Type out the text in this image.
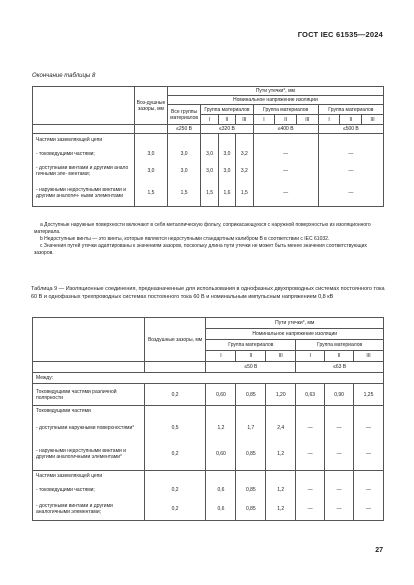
ГОСТ IEC 61535—2024
Окончание таблицы 8
	Воз-душные зазоры, мм	Пути утечки°, мм									
		Номинальное напряжение изоляции									
		Все группы материалов	Группа материалов			Группа материалов			Группа материалов		
			I	II	III	I	II	III	I	II	III
		≤250 В	≤320 В			≤400 В			≤500 В		
Частями заземляющей цепи											
- токоведущими частями;	3,0	3,0	3,0	3,0	3,2	—			—		
- доступными винтами и другими анало гичными эле- ментами;	3,0	3,0	3,0	3,0	3,2	—			—		
- наружными недоступными винтами и другими аналогич- ными элементами	1,5	1,5	1,5	1,6	1,5	—			—		
а Доступные наружные поверхности включают в себя металлическую фольгу, соприкасающуюся с наружной поверхностью из изоляционного материала.
b Недоступные винты — это винты, которые являются недоступными стандартным калибром В в соответствии с IEC 61032.
с Значения путей утечки адаптированы к значениям зазоров, поскольку длина пути утечки не может быть менее значения соответствующих зазоров.
Таблица 9 — Изоляционные соединения, предназначенные для использования в однофазных двухпроводных системах постоянного тока 60 В и однофазных трехпроводных системах постоянного тока 60 В и номинальным импульсным напряжением 0,8 кВ
	Воздушные зазоры, мм	Пути утечки°, мм					
		Номинальное напряжение изоляции					
		Группа материалов			Группа материалов		
		I	II	III	I	II	III
		≤50 В			≤63 В		
Между:							
Токоведущими частями различной полярности	0,2	0,60	0,85	1,20	0,63	0,90	1,25
Токоведущими частями							
- доступными наружными поверхностями°	0,5	1,2	1,7	2,4	—	—	—
- наружными недоступными винтами и другими аналогичными элементами°	0,2	0,60	0,85	1,2	—	—	—
Частями заземляющей цепи							
- токоведущими частями;	0,2	0,6	0,85	1,2	—	—	—
- доступными винтами и другими аналогичными элементами;	0,2	0,6	0,85	1,2	—	—	—
27
